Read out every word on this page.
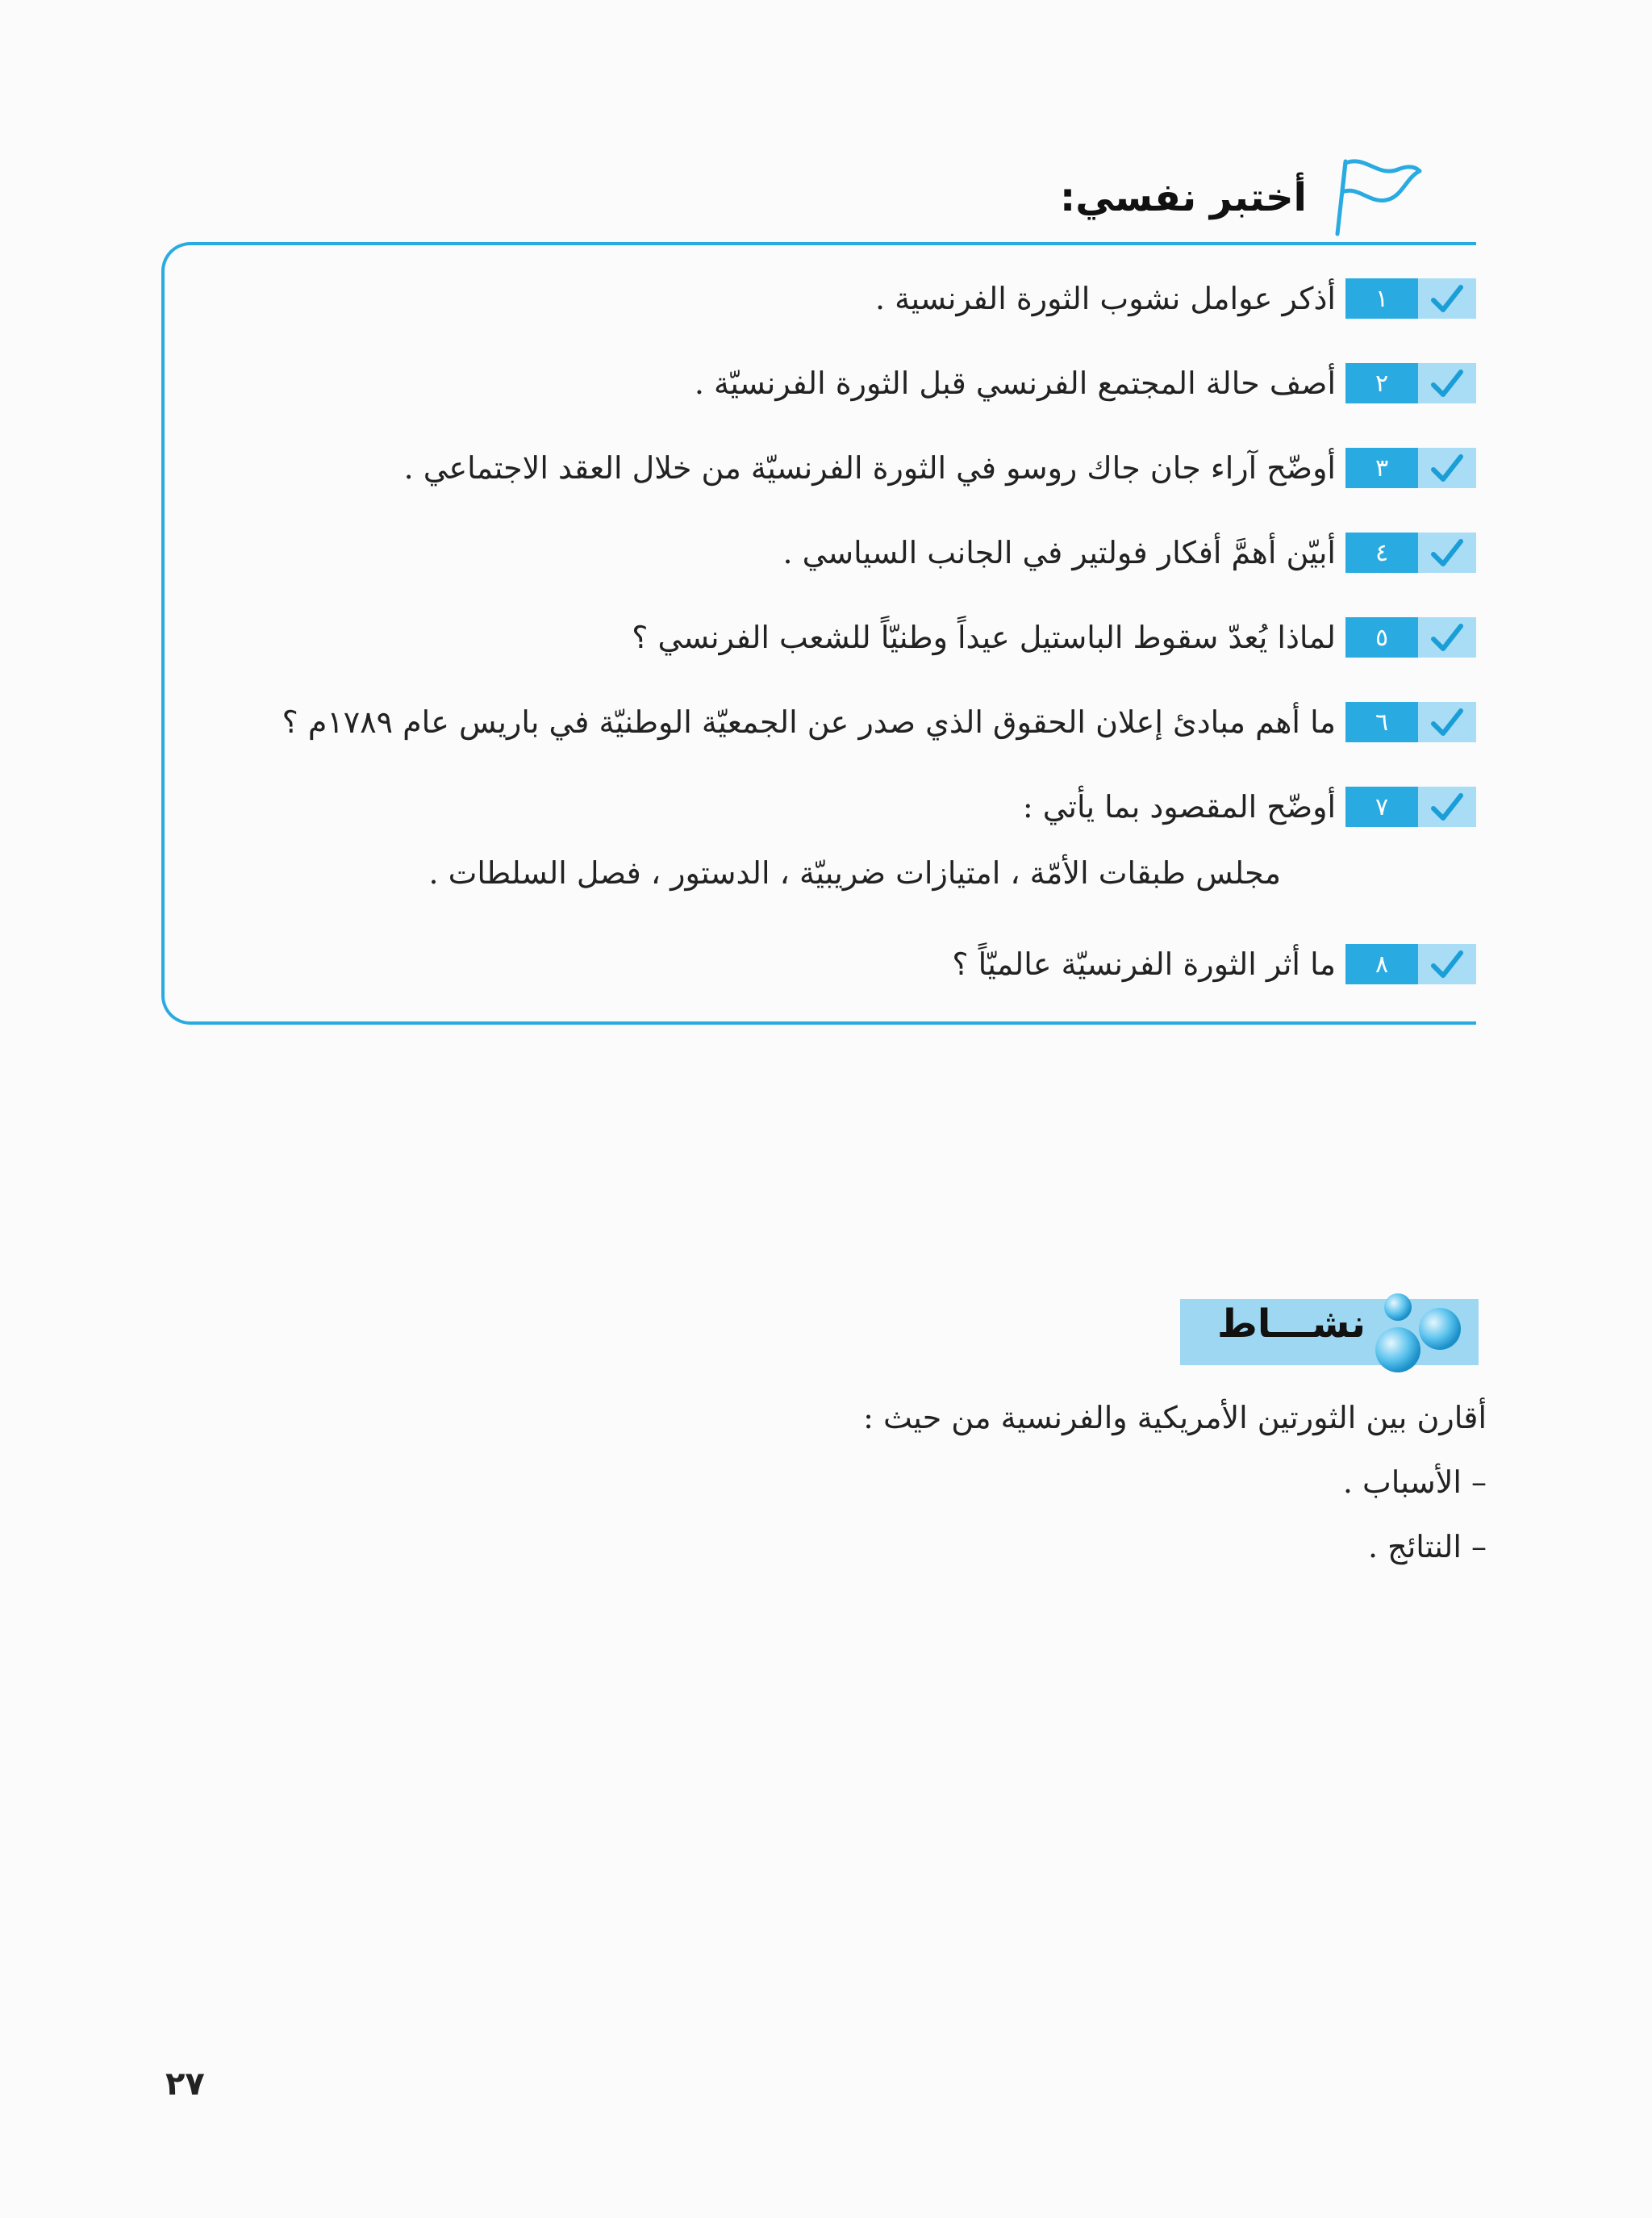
أختبر نفسي:
١
أذكر عوامل نشوب الثورة الفرنسية .
٢
أصف حالة المجتمع الفرنسي قبل الثورة الفرنسيّة .
٣
أوضّح آراء جان جاك روسو في الثورة الفرنسيّة من خلال العقد الاجتماعي .
٤
أبيّن أهمَّ أفكار فولتير في الجانب السياسي .
٥
لماذا يُعدّ سقوط الباستيل عيداً وطنيّاً للشعب الفرنسي ؟
٦
ما أهم مبادئ إعلان الحقوق الذي صدر عن الجمعيّة الوطنيّة في باريس عام ١٧٨٩م ؟
٧
أوضّح المقصود بما يأتي :
مجلس طبقات الأمّة ، امتيازات ضريبيّة ، الدستور ، فصل السلطات .
٨
ما أثر الثورة الفرنسيّة عالميّاً ؟
نشـــاط
أقارن بين الثورتين الأمريكية والفرنسية من حيث :
– الأسباب .
– النتائج .
٢٧
